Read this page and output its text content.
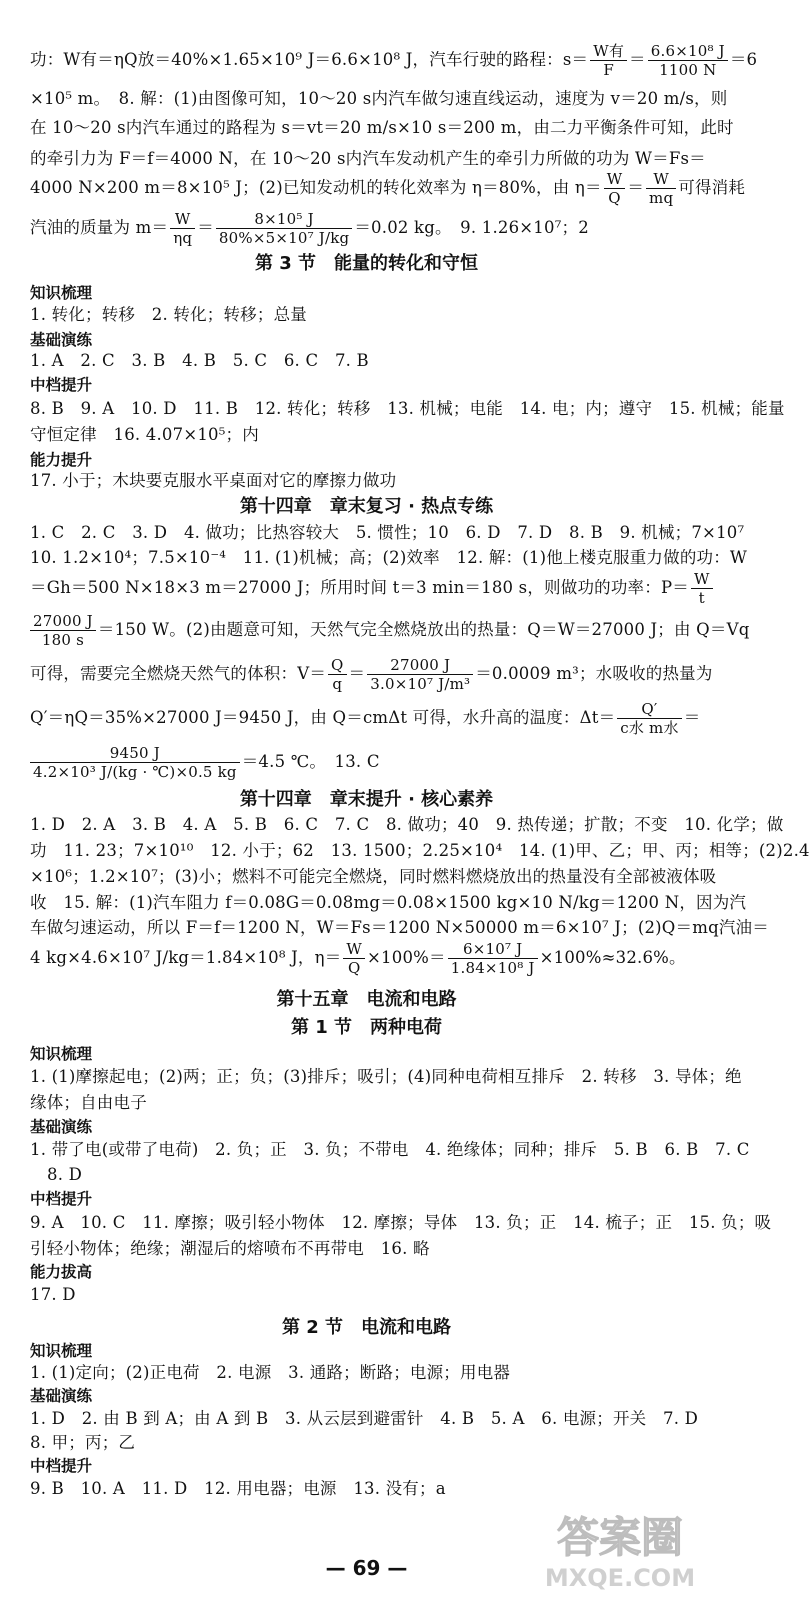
功：W有＝ηQ放＝40%×1.65×10⁹ J＝6.6×10⁸ J，汽车行驶的路程：$s= \frac{\text{W有}}{F} = \frac{\text{6.6×10⁸ J}}{1100 N} =6$
×10⁵ m。　8. 解：(1)由图像可知，10～20 s内汽车做匀速直线运动，速度为 v＝20 m/s，则
在 10～20 s内汽车通过的路程为 s＝vt＝20 m/s×10 s＝200 m，由二力平衡条件可知，此时
的牵引力为 F＝f＝4000 N，在 10～20 s内汽车发动机产生的牵引力所做的功为 W＝Fs＝
4000 N×200 m＝8×10⁵ J；(2)已知发动机的转化效率为 η＝80%，由 $\eta= \frac{W}{Q} = \frac{W}{mq}$ 可得消耗
汽油的质量为 $m= \frac{W}{\eta q} = \frac{\text{8×10⁵ J}}{\text{80\%×5×10⁷ J/kg}} =0.02$ kg。　9. 1.26×10⁷；2
第 3 节　能量的转化和守恒
知识梳理
1. 转化；转移　2. 转化；转移；总量
基础演练
1. A　2. C　3. B　4. B　5. C　6. C　7. B
中档提升
8. B　9. A　10. D　11. B　12. 转化；转移　13. 机械；电能　14. 电；内；遵守　15. 机械；能量
守恒定律　16. 4.07×10⁵；内
能力提升
17. 小于；木块要克服水平桌面对它的摩擦力做功
第十四章　章末复习 · 热点专练
1. C　2. C　3. D　4. 做功；比热容较大　5. 惯性；10　6. D　7. D　8. B　9. 机械；7×10⁷
10. 1.2×10⁴；7.5×10⁻⁴　11. (1)机械；高；(2)效率　12. 解：(1)他上楼克服重力做的功：W
＝Gh＝500 N×18×3 m＝27000 J；所用时间 t＝3 min＝180 s，则做功的功率：$P= \frac{W}{t}$
$\frac{27000 J}{180 s} =150$ W。(2)由题意可知，天然气完全燃烧放出的热量：Q＝W＝27000 J；由 Q＝Vq
可得，需要完全燃烧天然气的体积：$V= \frac{Q}{q} = \frac{27000 J}{\text{3.0×10⁷ J/m³}} =0.0009$ m³；水吸收的热量为
Q′＝ηQ＝35%×27000 J＝9450 J，由 Q＝cmΔt 可得，水升高的温度：$\Delta t= \frac{Q'}{\text{c水 m水}}$ ＝
$\frac{9450 J}{\text{4.2×10³ J/(kg · ℃)×0.5 kg}} =4.5$ ℃。　13. C
第十四章　章末提升 · 核心素养
1. D　2. A　3. B　4. A　5. B　6. C　7. C　8. 做功；40　9. 热传递；扩散；不变　10. 化学；做
功　11. 23；7×10¹⁰　12. 小于；62　13. 1500；2.25×10⁴　14. (1)甲、乙；甲、丙；相等；(2)2.4
×10⁶；1.2×10⁷；(3)小；燃料不可能完全燃烧，同时燃料燃烧放出的热量没有全部被液体吸
收　15. 解：(1)汽车阻力 f＝0.08G＝0.08mg＝0.08×1500 kg×10 N/kg＝1200 N，因为汽
车做匀速运动，所以 F＝f＝1200 N，W＝Fs＝1200 N×50000 m＝6×10⁷ J；(2)Q＝mq汽油＝
4 kg×4.6×10⁷ J/kg＝1.84×10⁸ J，$\eta= \frac{W}{Q} \times 100\%= \frac{\text{6×10⁷ J}}{\text{1.84×10⁸ J}} \times 100\%\approx 32.6\%$。
第十五章　电流和电路
第 1 节　两种电荷
知识梳理
1. (1)摩擦起电；(2)两；正；负；(3)排斥；吸引；(4)同种电荷相互排斥　2. 转移　3. 导体；绝
缘体；自由电子
基础演练
1. 带了电(或带了电荷)　2. 负；正　3. 负；不带电　4. 绝缘体；同种；排斥　5. B　6. B　7. C
8. D
中档提升
9. A　10. C　11. 摩擦；吸引轻小物体　12. 摩擦；导体　13. 负；正　14. 梳子；正　15. 负；吸
引轻小物体；绝缘；潮湿后的熔喷布不再带电　16. 略
能力拔高
17. D
第 2 节　电流和电路
知识梳理
1. (1)定向；(2)正电荷　2. 电源　3. 通路；断路；电源；用电器
基础演练
1. D　2. 由 B 到 A；由 A 到 B　3. 从云层到避雷针　4. B　5. A　6. 电源；开关　7. D
8. 甲；丙；乙
中档提升
9. B　10. A　11. D　12. 用电器；电源　13. 没有；a
答案圈
MXQE.COM
— 69 —
